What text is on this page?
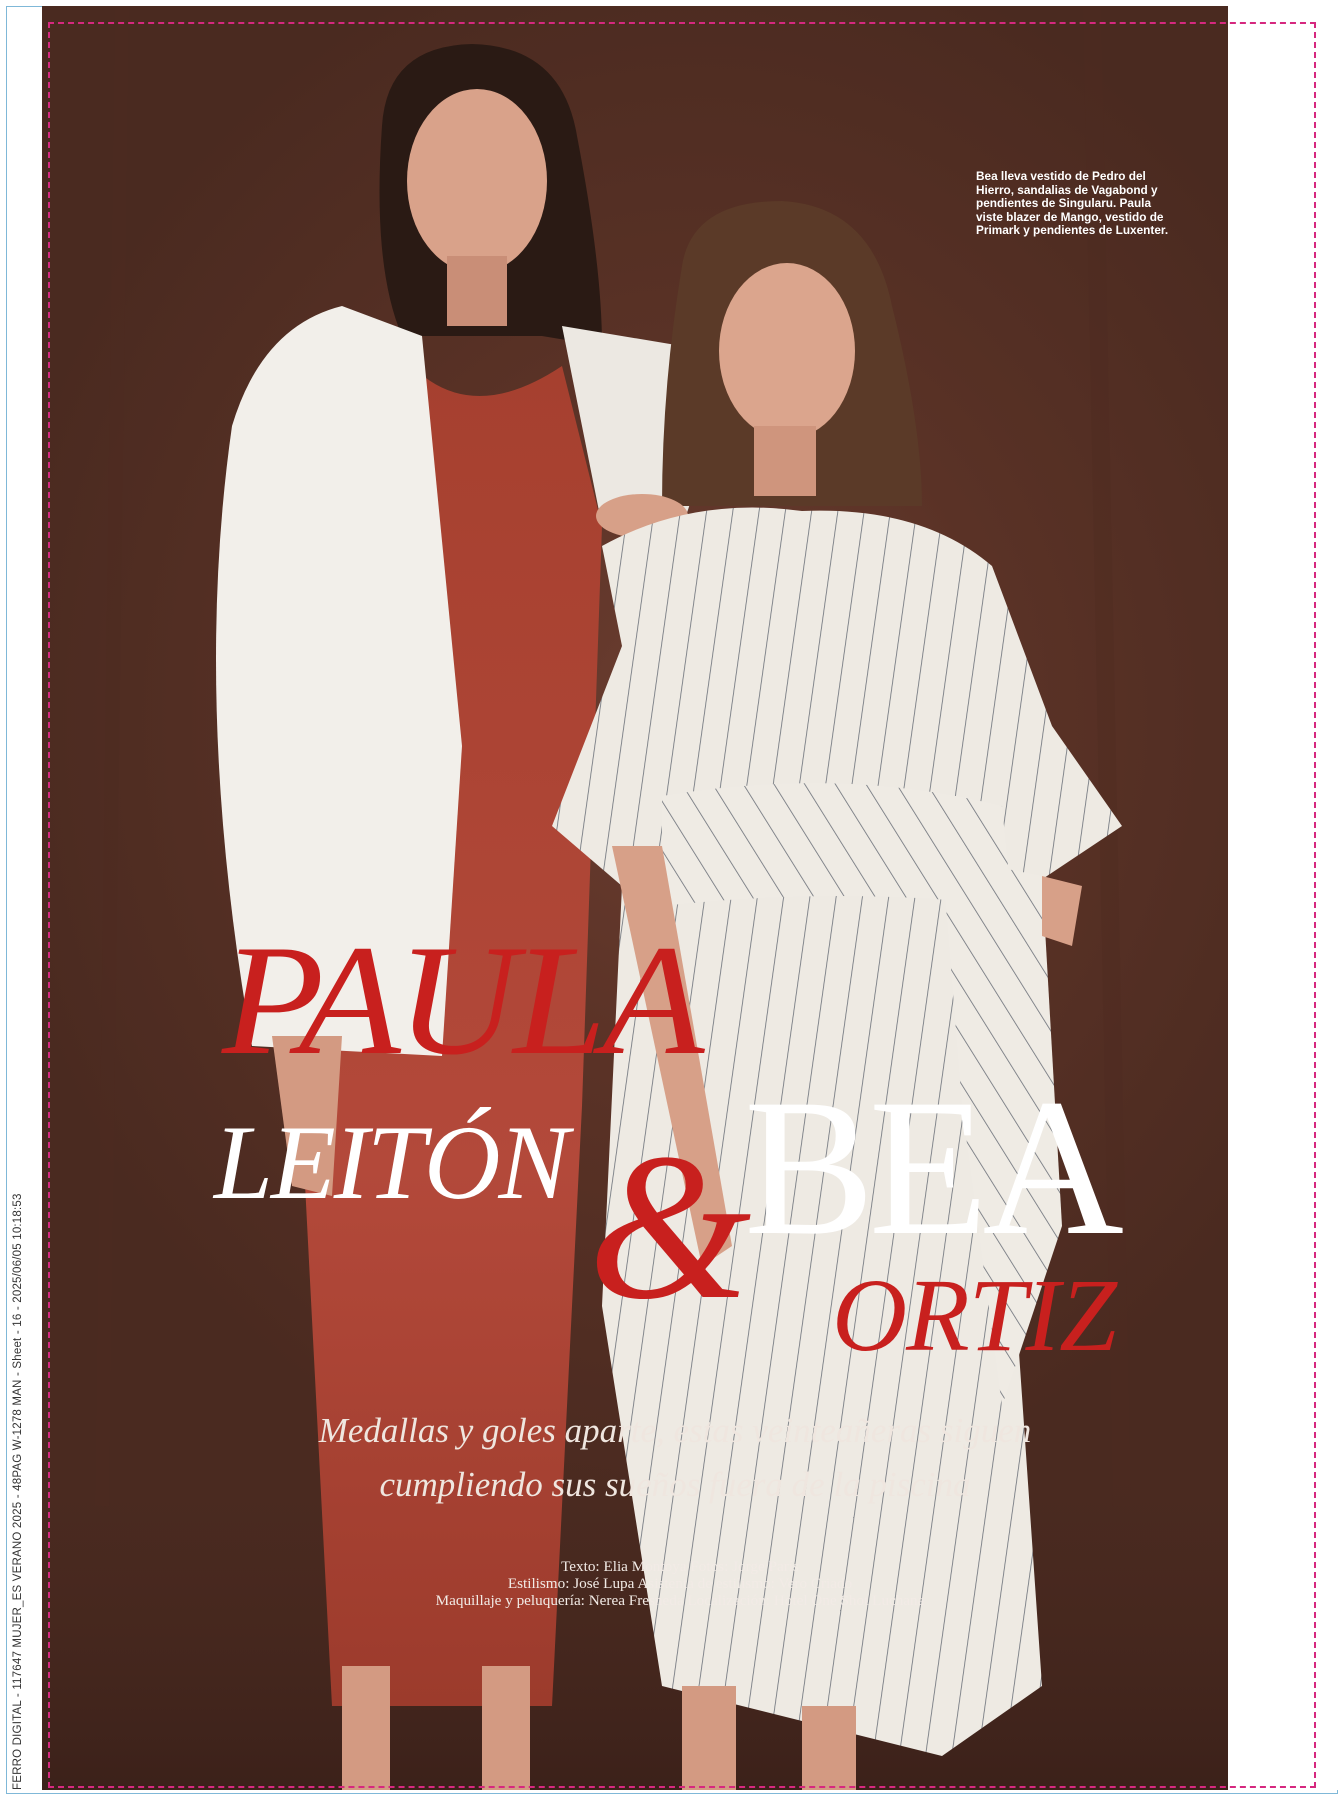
FERRO DIGITAL - 117647 MUJER_ES VERANO 2025 - 48PAG W-1278 MAN - Sheet - 16 - 2025/06/05 10:18:53
Bea lleva vestido de Pedro del Hierro, sandalias de Vagabond y pendientes de Singularu. Paula viste blazer de Mango, vestido de Primark y pendientes de Luxenter.
PAULA
LEITÓN &
BEA
ORTIZ
Medallas y goles aparte, estas veinteañeras siguen
cumpliendo sus sueños fuera de la piscina
Texto: Elia Montoya Fotos: Jorge París
Estilismo: José Lupa Asistenta de estilismo: Vero Criado
Maquillaje y peluquería: Nerea Fresneda Localización: Hotel One Shot Luchana
